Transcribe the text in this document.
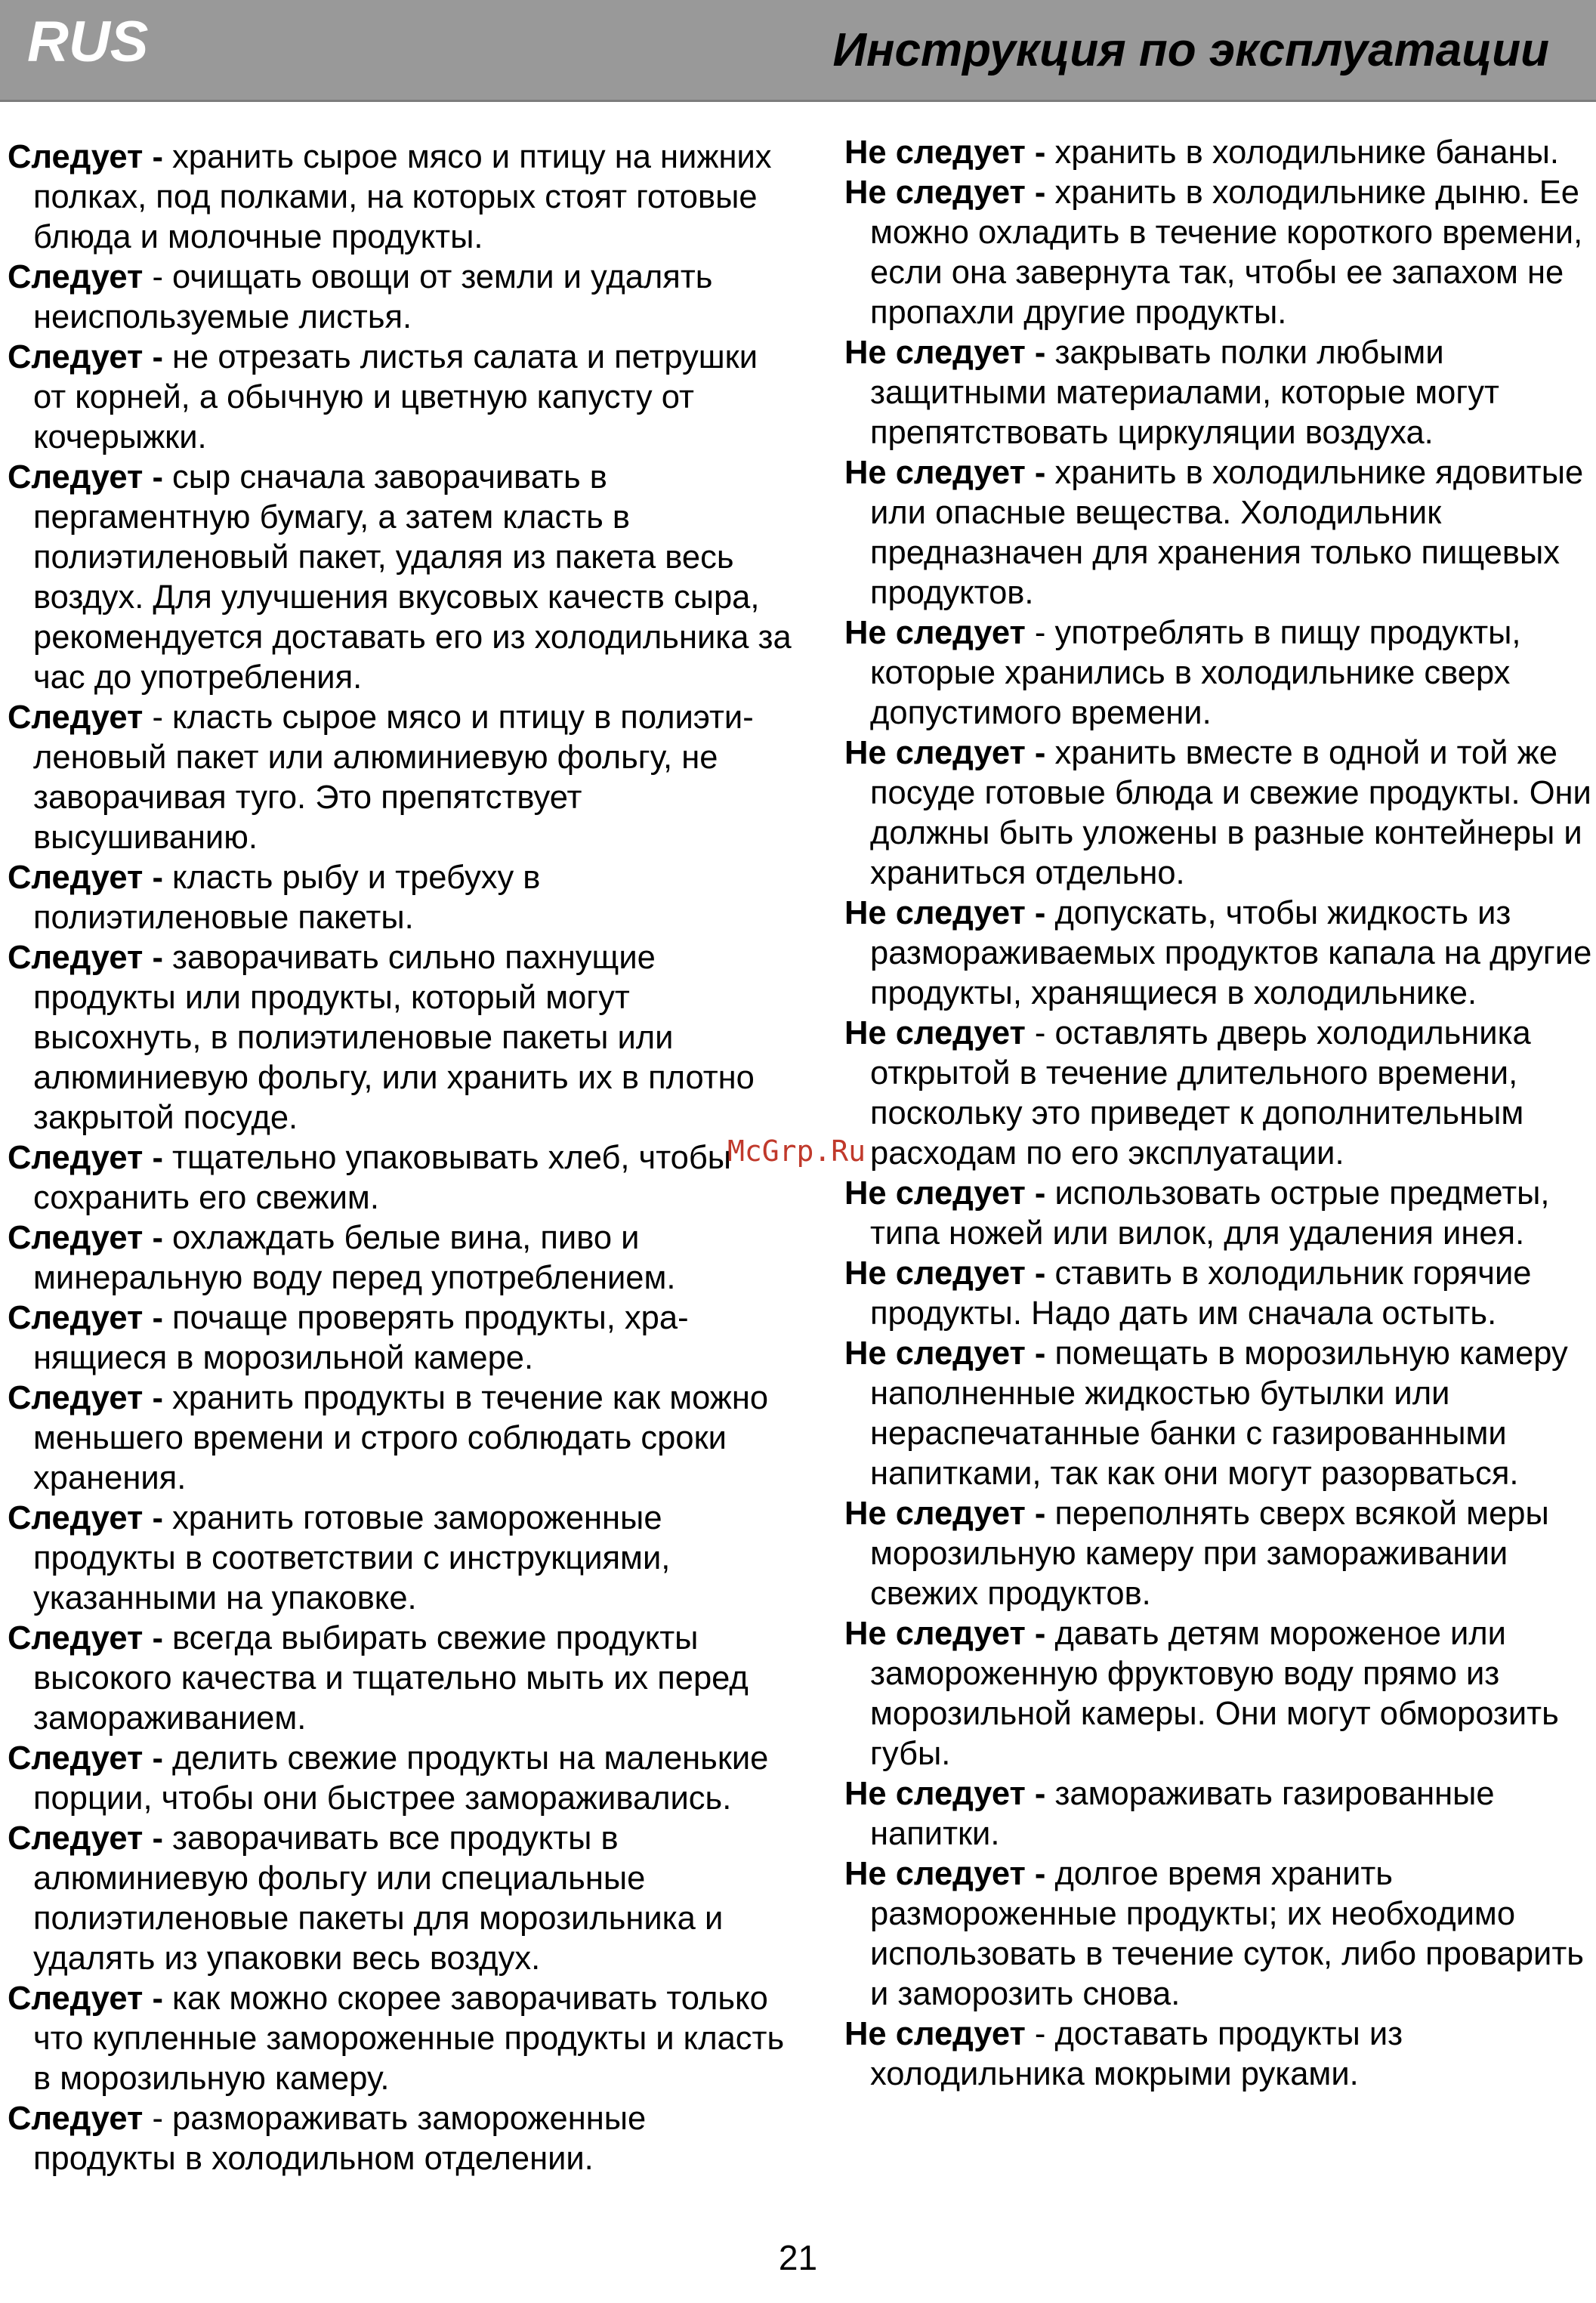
RUS	Инструкция по эксплуатации

Следует - хранить сырое мясо и птицу на нижних полках, под полками, на которых стоят готовые блюда и молочные продукты.

Следует - очищать овощи от земли и удалять неиспользуемые листья.

Следует - не отрезать листья салата и петрушки от корней, а обычную и цветную капусту от кочерыжки.

Следует - сыр сначала заворачивать в пергаментную бумагу, а затем класть в полиэтиленовый пакет, удаляя из пакета весь воздух. Для улучшения вкусовых качеств сыра, рекомендуется доставать его из холодильника за час до употребления.

Следует - класть сырое мясо и птицу в полиэти-леновый пакет или алюминиевую фольгу, не заворачивая туго. Это препятствует высушиванию.

Следует - класть рыбу и требуху в полиэтиленовые пакеты.

Следует - заворачивать сильно пахнущие продукты или продукты, который могут высохнуть, в полиэтиленовые пакеты или алюминиевую фольгу, или хранить их в плотно закрытой посуде.

Следует - тщательно упаковывать хлеб, чтобы сохранить его свежим.

Следует - охлаждать белые вина, пиво и минеральную воду перед употреблением.

Следует - почаще проверять продукты, хра-нящиеся в морозильной камере.

Следует - хранить продукты в течение как можно меньшего времени и строго соблюдать сроки хранения.

Следует - хранить готовые замороженные продукты в соответствии с инструкциями, указанными на упаковке.

Следует - всегда выбирать свежие продукты высокого качества и тщательно мыть их перед замораживанием.

Следует - делить свежие продукты на маленькие порции, чтобы они быстрее замораживались.

Следует - заворачивать все продукты в алюминиевую фольгу или специальные полиэтиленовые пакеты для морозильника и удалять из упаковки весь воздух.

Следует - как можно скорее заворачивать только что купленные замороженные продукты и класть в морозильную камеру.

Следует - размораживать замороженные продукты в холодильном отделении.

Не следует - хранить в холодильнике бананы.

Не следует - хранить в холодильнике дыню. Ее можно охладить в течение короткого времени, если она завернута так, чтобы ее запахом не пропахли другие продукты.

Не следует - закрывать полки любыми защитными материалами, которые могут препятствовать циркуляции воздуха.

Не следует - хранить в холодильнике ядовитые или опасные вещества. Холодильник предназначен для хранения только пищевых продуктов.

Не следует - употреблять в пищу продукты, которые хранились в холодильнике сверх допустимого времени.

Не следует - хранить вместе в одной и той же посуде готовые блюда и свежие продукты. Они должны быть уложены в разные контейнеры и храниться отдельно.

Не следует - допускать, чтобы жидкость из размораживаемых продуктов капала на другие продукты, хранящиеся в холодильнике.

Не следует - оставлять дверь холодильника открытой в течение длительного времени, поскольку это приведет к дополнительным расходам по его эксплуатации.

Не следует - использовать острые предметы, типа ножей или вилок, для удаления инея.

Не следует - ставить в холодильник горячие продукты. Надо дать им сначала остыть.

Не следует - помещать в морозильную камеру наполненные жидкостью бутылки или нераспечатанные банки с газированными напитками, так как они могут разорваться.

Не следует - переполнять сверх всякой меры морозильную камеру при замораживании свежих продуктов.

Не следует - давать детям мороженое или замороженную фруктовую воду прямо из морозильной камеры. Они могут обморозить губы.

Не следует - замораживать газированные напитки.

Не следует - долгое время хранить размороженные продукты; их необходимо использовать в течение суток, либо проварить и заморозить снова.

Не следует - доставать продукты из холодильника мокрыми руками.

McGrp.Ru
21
